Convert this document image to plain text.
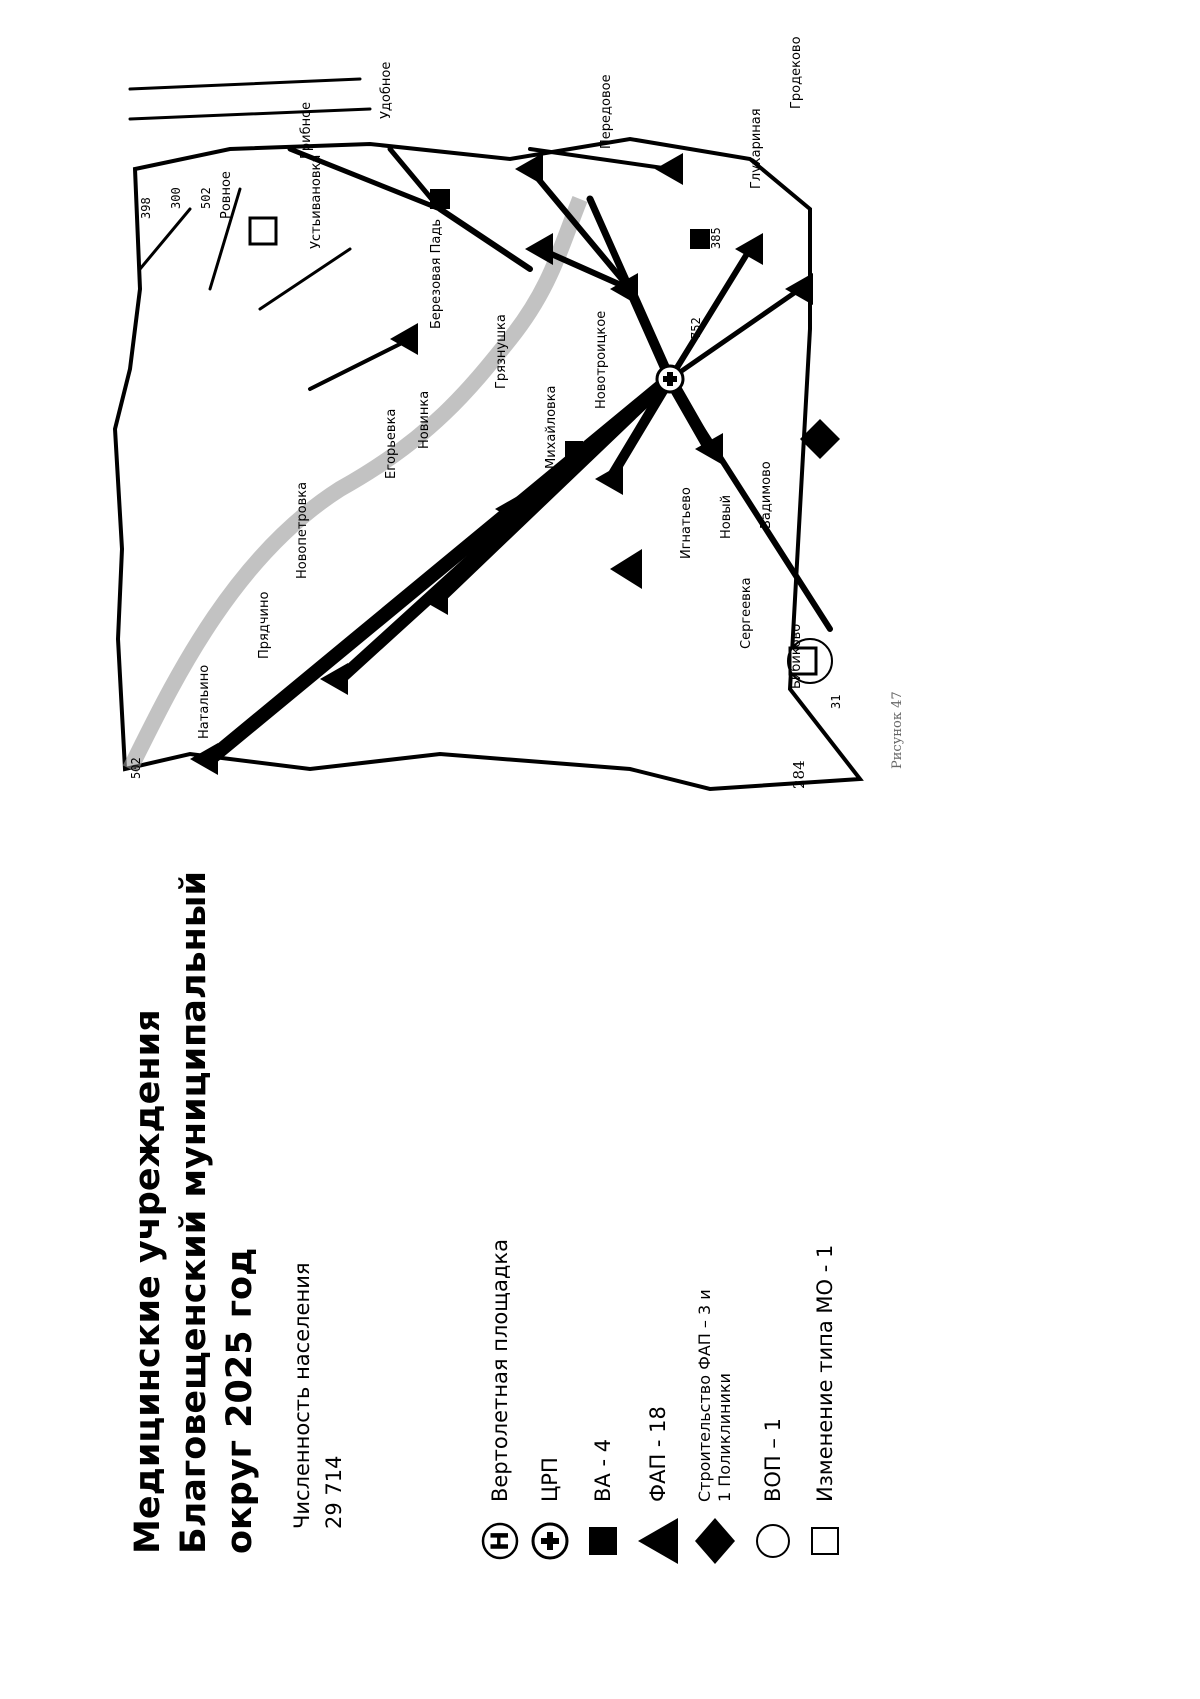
Медицинские учреждения Благовещенский муниципальный округ 2025 год Численность населения 29 714
H
Вертолетная площадка ЦРП ВА - 4 ФАП - 18 Строительство ФАП – 3 и 1 Поликлиники ВОП – 1 Изменение типа МО - 1
284
Рисунок 47
Натальино
Прядчино
Новопетровка
Егорьевка Новинка
Грязнушка	Новотроицкое
Михайловка
Сергеевка
Бибиково
Игнатьево Новый Вадимово
Ровное	Устьивановка
Грибное	Передовое
Удобное
Глухариная
Гродеково
Березовая Падь
31
502
398 300 502
752
385
